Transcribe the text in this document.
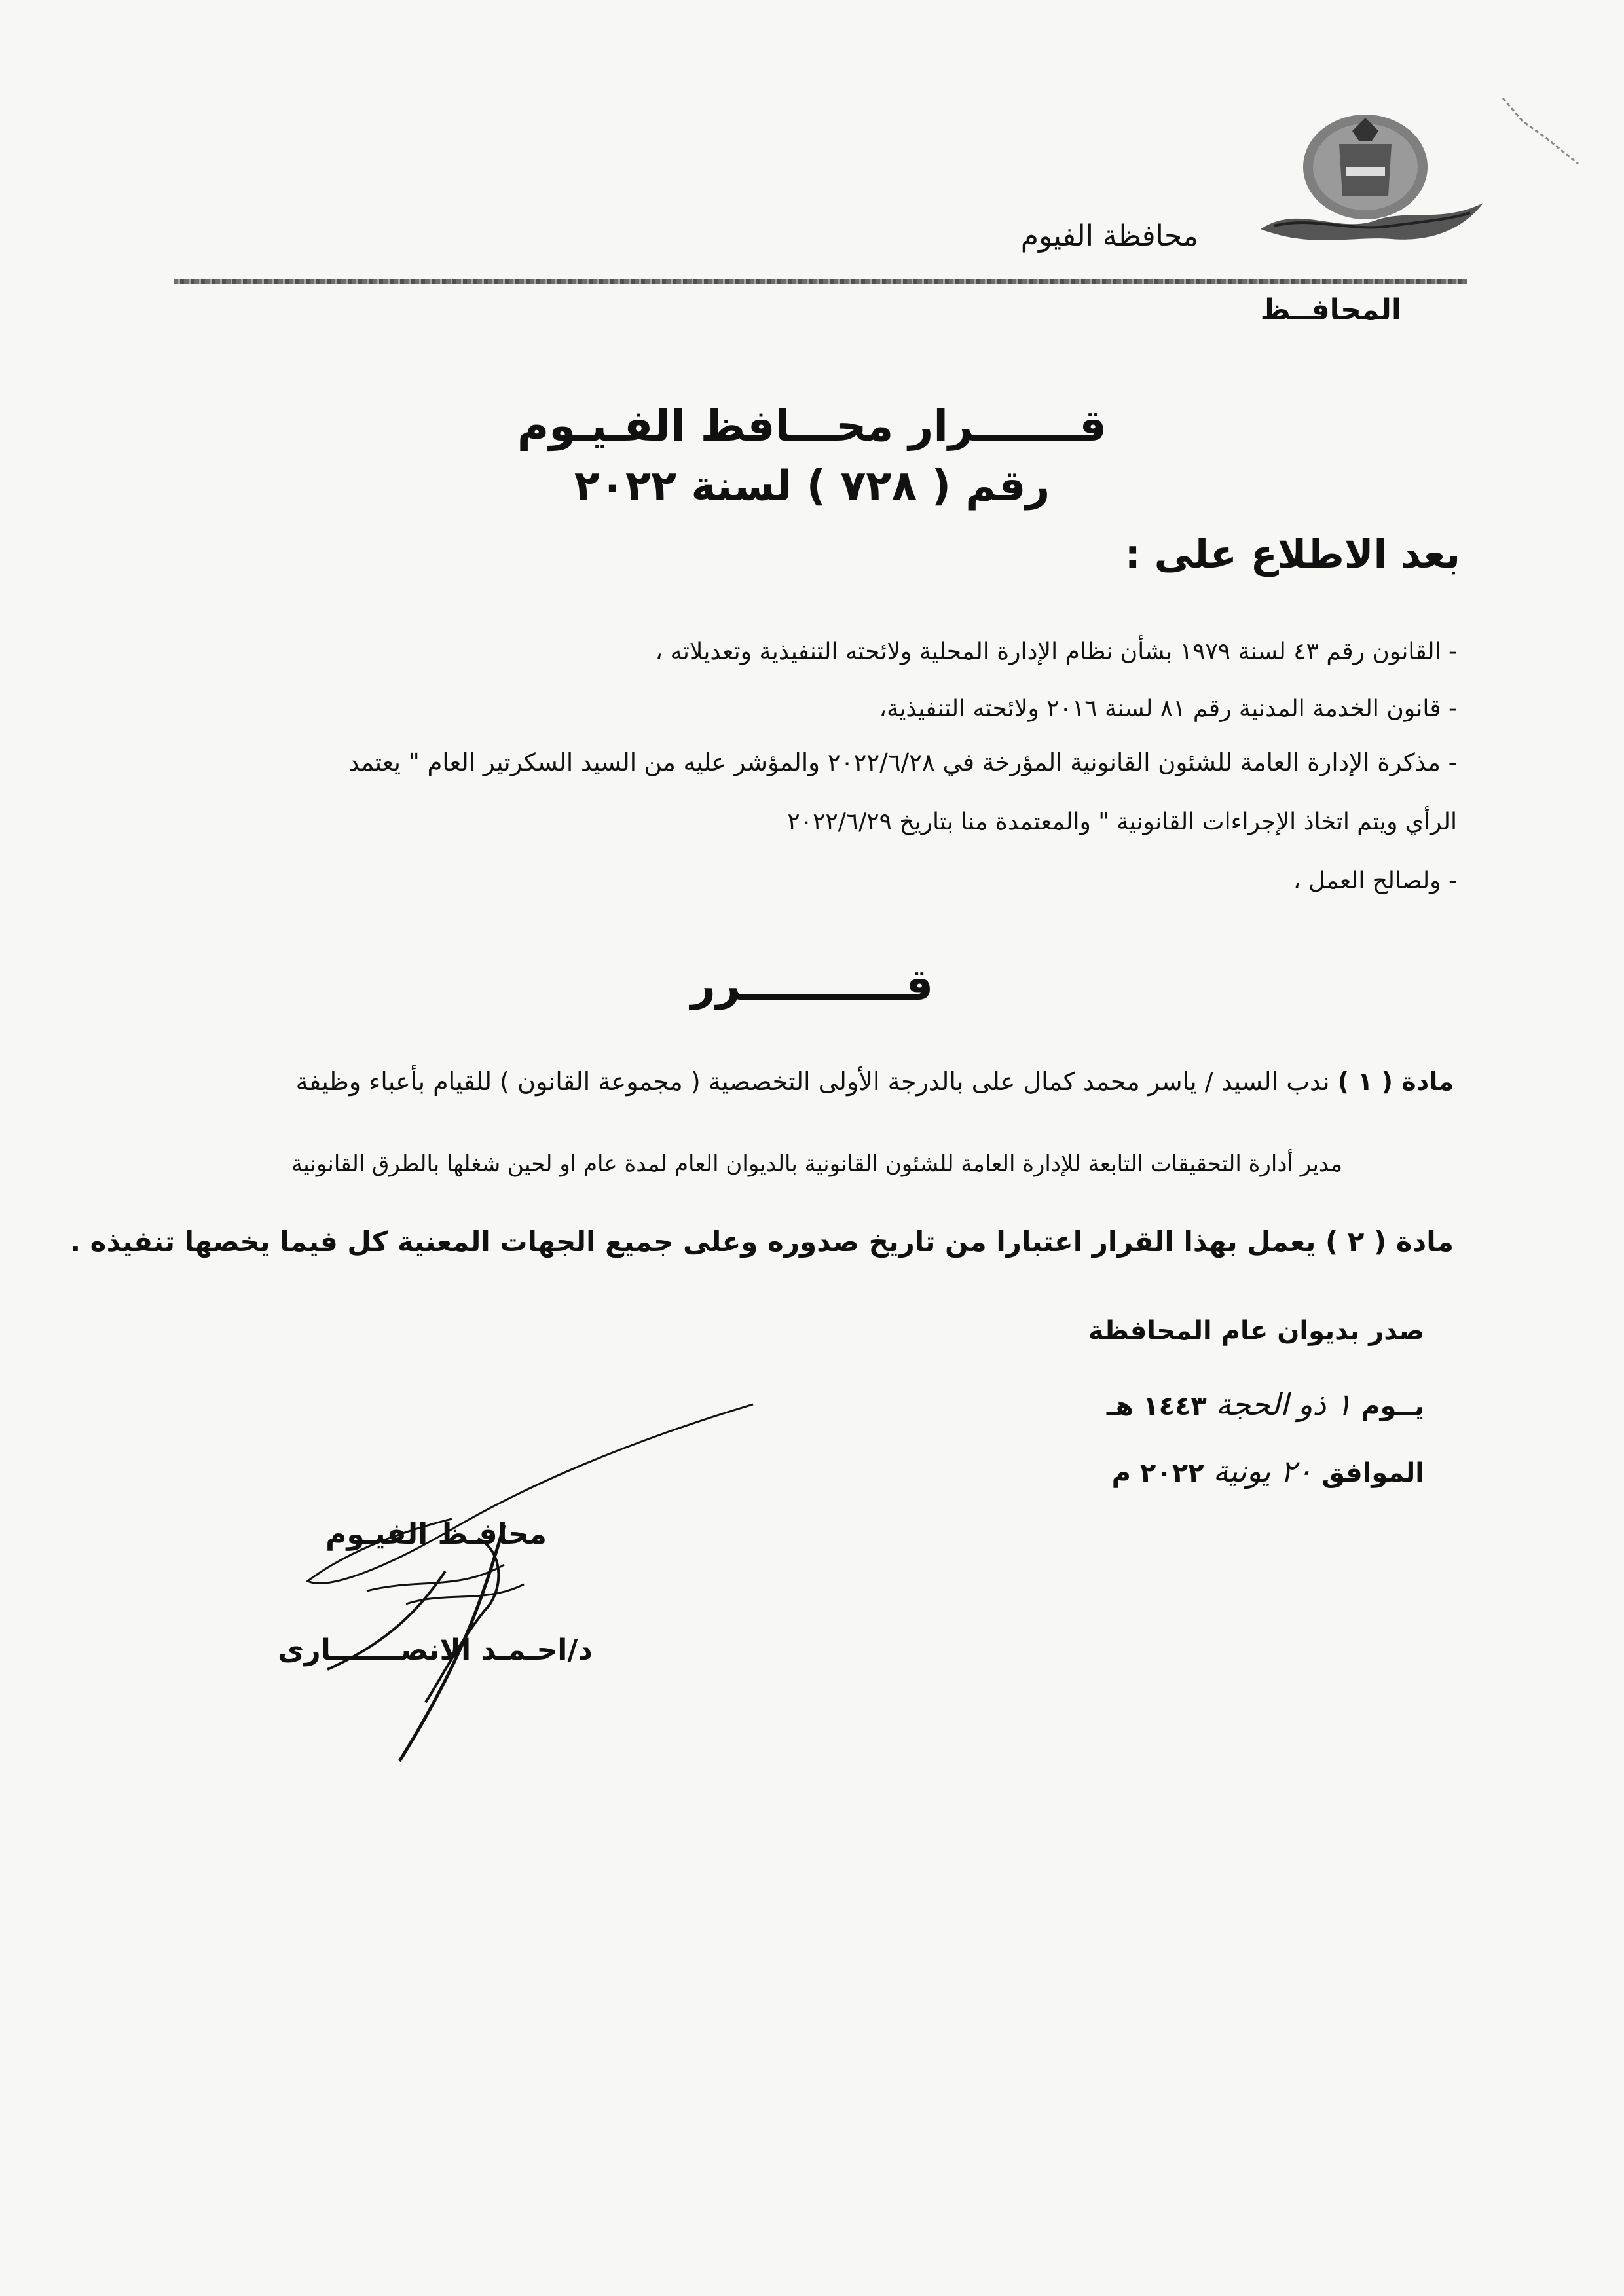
محافظة الفيوم
المحافــظ
قـــــــرار محـــافظ الفـيـوم
رقم ( ٧٢٨ ) لسنة ٢٠٢٢
بعد الاطلاع على :
- القانون رقم ٤٣ لسنة ١٩٧٩ بشأن نظام الإدارة المحلية ولائحته التنفيذية وتعديلاته ،
- قانون الخدمة المدنية رقم ٨١ لسنة ٢٠١٦ ولائحته التنفيذية،
- مذكرة الإدارة العامة للشئون القانونية المؤرخة في ٢٠٢٢/٦/٢٨ والمؤشر عليه من السيد السكرتير العام " يعتمد
الرأي ويتم اتخاذ الإجراءات القانونية " والمعتمدة منا بتاريخ ٢٠٢٢/٦/٢٩
- ولصالح العمل ،
قـــــــــــرر
مادة ( ١ ) ندب السيد / ياسر محمد كمال على بالدرجة الأولى التخصصية ( مجموعة القانون ) للقيام بأعباء وظيفة
مدير أدارة التحقيقات التابعة للإدارة العامة للشئون القانونية بالديوان العام لمدة عام او لحين شغلها بالطرق القانونية
مادة ( ٢ ) يعمل بهذا القرار اعتبارا من تاريخ صدوره وعلى جميع الجهات المعنية كل فيما يخصها تنفيذه .
صدر بديوان عام المحافظة
يــوم ١ ذو الحجة ١٤٤٣ هـ
الموافق ٢٠ يونية ٢٠٢٢ م
محافـظ الفيـوم
د/احـمـد الانصـــــــارى
